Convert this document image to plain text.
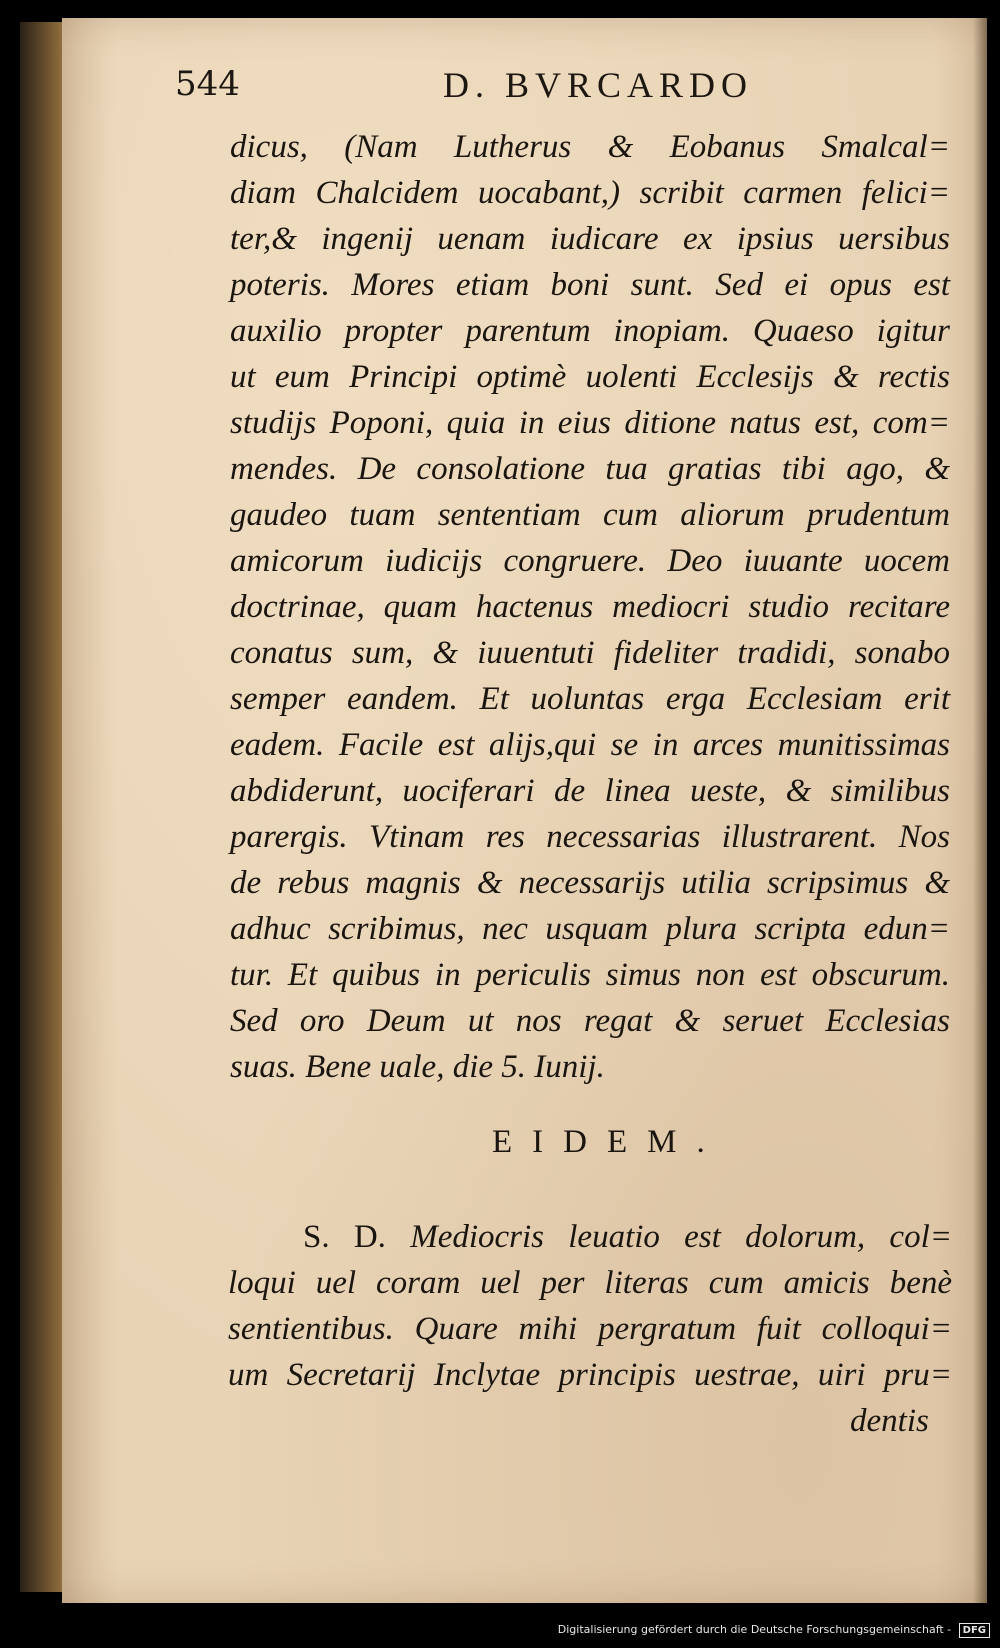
544	D. BVRCARDO
dicus, (Nam Lutherus & Eobanus Smalcal=
diam Chalcidem uocabant,) scribit carmen felici=
ter,& ingenij uenam iudicare ex ipsius uersibus
poteris. Mores etiam boni sunt. Sed ei opus est
auxilio propter parentum inopiam. Quaeso igitur
ut eum Principi optimè uolenti Ecclesijs & rectis
studijs Poponi, quia in eius ditione natus est, com=
mendes. De consolatione tua gratias tibi ago, &
gaudeo tuam sententiam cum aliorum prudentum
amicorum iudicijs congruere. Deo iuuante uocem
doctrinae, quam hactenus mediocri studio recitare
conatus sum, & iuuentuti fideliter tradidi, sonabo
semper eandem. Et uoluntas erga Ecclesiam erit
eadem. Facile est alijs,qui se in arces munitissimas
abdiderunt, uociferari de linea ueste, & similibus
parergis. Vtinam res necessarias illustrarent. Nos
de rebus magnis & necessarijs utilia scripsimus &
adhuc scribimus, nec usquam plura scripta edun=
tur. Et quibus in periculis simus non est obscurum.
Sed oro Deum ut nos regat & seruet Ecclesias
suas. Bene uale, die 5. Iunij.
EIDEM.
S. D. Mediocris leuatio est dolorum, col=
loqui uel coram uel per literas cum amicis benè
sentientibus. Quare mihi pergratum fuit colloqui=
um Secretarij Inclytae principis uestrae, uiri pru=
dentis
Digitalisierung gefördert durch die Deutsche Forschungsgemeinschaft - DFG
